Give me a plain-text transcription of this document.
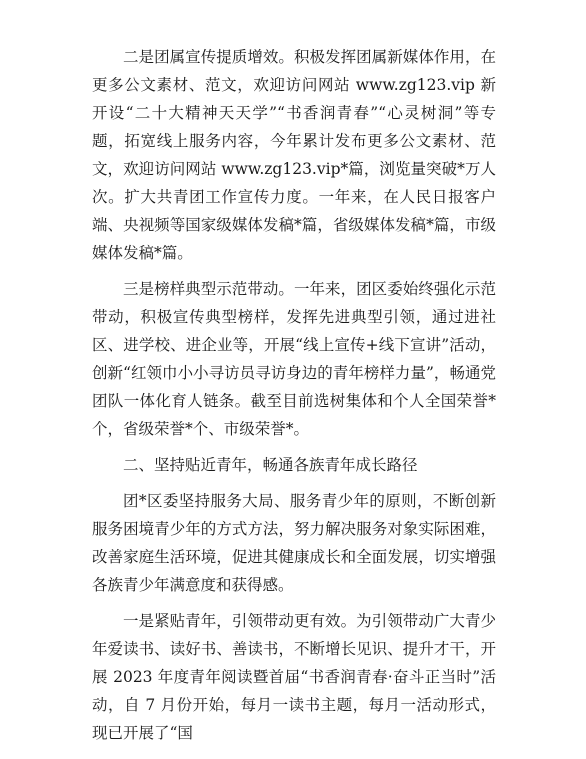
二是团属宣传提质增效。积极发挥团属新媒体作用，在更多公文素材、范文，欢迎访问网站 www.zg123.vip 新开设“二十大精神天天学”“书香润青春”“心灵树洞”等专题，拓宽线上服务内容，今年累计发布更多公文素材、范文，欢迎访问网站 www.zg123.vip*篇，浏览量突破*万人次。扩大共青团工作宣传力度。一年来，在人民日报客户端、央视频等国家级媒体发稿*篇，省级媒体发稿*篇，市级媒体发稿*篇。

三是榜样典型示范带动。一年来，团区委始终强化示范带动，积极宣传典型榜样，发挥先进典型引领，通过进社区、进学校、进企业等，开展“线上宣传+线下宣讲”活动，创新“红领巾小小寻访员寻访身边的青年榜样力量”，畅通党团队一体化育人链条。截至目前选树集体和个人全国荣誉*个，省级荣誉*个、市级荣誉*。

二、坚持贴近青年，畅通各族青年成长路径

团*区委坚持服务大局、服务青少年的原则，不断创新服务困境青少年的方式方法，努力解决服务对象实际困难，改善家庭生活环境，促进其健康成长和全面发展，切实增强各族青少年满意度和获得感。

一是紧贴青年，引领带动更有效。为引领带动广大青少年爱读书、读好书、善读书，不断增长见识、提升才干，开展 2023 年度青年阅读暨首届“书香润青春·奋斗正当时”活动，自 7 月份开始，每月一读书主题，每月一活动形式，现已开展了“国
